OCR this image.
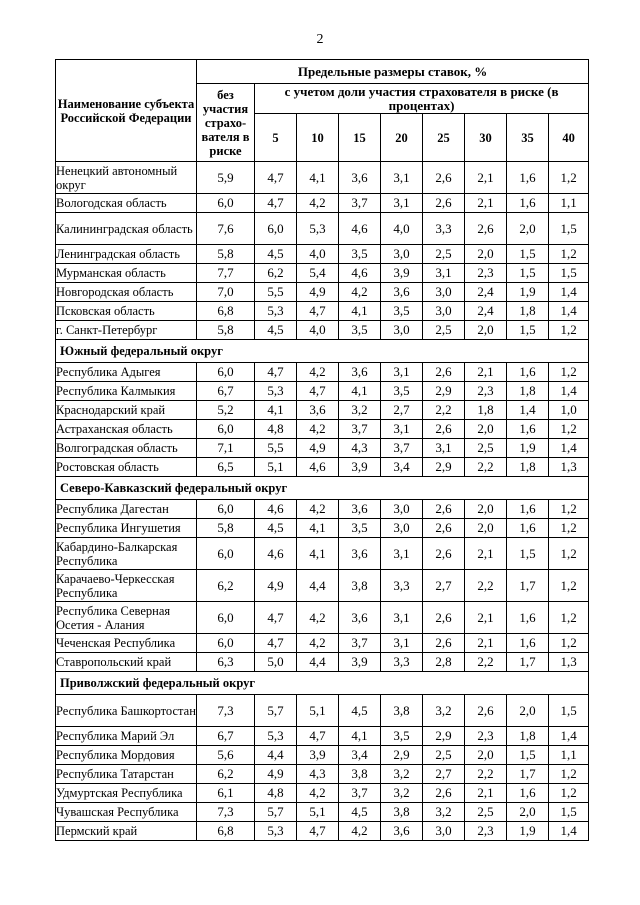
2
Наименование субъекта Российской Федерации	Предельные размеры ставок, %								
	без участия страхо- вателя в риске	с учетом доли участия страхователя в риске (в процентах)							
		5	10	15	20	25	30	35	40
Ненецкий автономный округ	5,9	4,7	4,1	3,6	3,1	2,6	2,1	1,6	1,2
Вологодская область	6,0	4,7	4,2	3,7	3,1	2,6	2,1	1,6	1,1
Калининградская область	7,6	6,0	5,3	4,6	4,0	3,3	2,6	2,0	1,5
Ленинградская область	5,8	4,5	4,0	3,5	3,0	2,5	2,0	1,5	1,2
Мурманская область	7,7	6,2	5,4	4,6	3,9	3,1	2,3	1,5	1,5
Новгородская область	7,0	5,5	4,9	4,2	3,6	3,0	2,4	1,9	1,4
Псковская область	6,8	5,3	4,7	4,1	3,5	3,0	2,4	1,8	1,4
г. Санкт-Петербург	5,8	4,5	4,0	3,5	3,0	2,5	2,0	1,5	1,2
Южный федеральный округ									
Республика Адыгея	6,0	4,7	4,2	3,6	3,1	2,6	2,1	1,6	1,2
Республика Калмыкия	6,7	5,3	4,7	4,1	3,5	2,9	2,3	1,8	1,4
Краснодарский край	5,2	4,1	3,6	3,2	2,7	2,2	1,8	1,4	1,0
Астраханская область	6,0	4,8	4,2	3,7	3,1	2,6	2,0	1,6	1,2
Волгоградская область	7,1	5,5	4,9	4,3	3,7	3,1	2,5	1,9	1,4
Ростовская область	6,5	5,1	4,6	3,9	3,4	2,9	2,2	1,8	1,3
Северо-Кавказский федеральный округ									
Республика Дагестан	6,0	4,6	4,2	3,6	3,0	2,6	2,0	1,6	1,2
Республика Ингушетия	5,8	4,5	4,1	3,5	3,0	2,6	2,0	1,6	1,2
Кабардино-Балкарская Республика	6,0	4,6	4,1	3,6	3,1	2,6	2,1	1,5	1,2
Карачаево-Черкесская Республика	6,2	4,9	4,4	3,8	3,3	2,7	2,2	1,7	1,2
Республика Северная Осетия - Алания	6,0	4,7	4,2	3,6	3,1	2,6	2,1	1,6	1,2
Чеченская Республика	6,0	4,7	4,2	3,7	3,1	2,6	2,1	1,6	1,2
Ставропольский край	6,3	5,0	4,4	3,9	3,3	2,8	2,2	1,7	1,3
Приволжский федеральный округ									
Республика Башкортостан	7,3	5,7	5,1	4,5	3,8	3,2	2,6	2,0	1,5
Республика Марий Эл	6,7	5,3	4,7	4,1	3,5	2,9	2,3	1,8	1,4
Республика Мордовия	5,6	4,4	3,9	3,4	2,9	2,5	2,0	1,5	1,1
Республика Татарстан	6,2	4,9	4,3	3,8	3,2	2,7	2,2	1,7	1,2
Удмуртская Республика	6,1	4,8	4,2	3,7	3,2	2,6	2,1	1,6	1,2
Чувашская Республика	7,3	5,7	5,1	4,5	3,8	3,2	2,5	2,0	1,5
Пермский край	6,8	5,3	4,7	4,2	3,6	3,0	2,3	1,9	1,4
